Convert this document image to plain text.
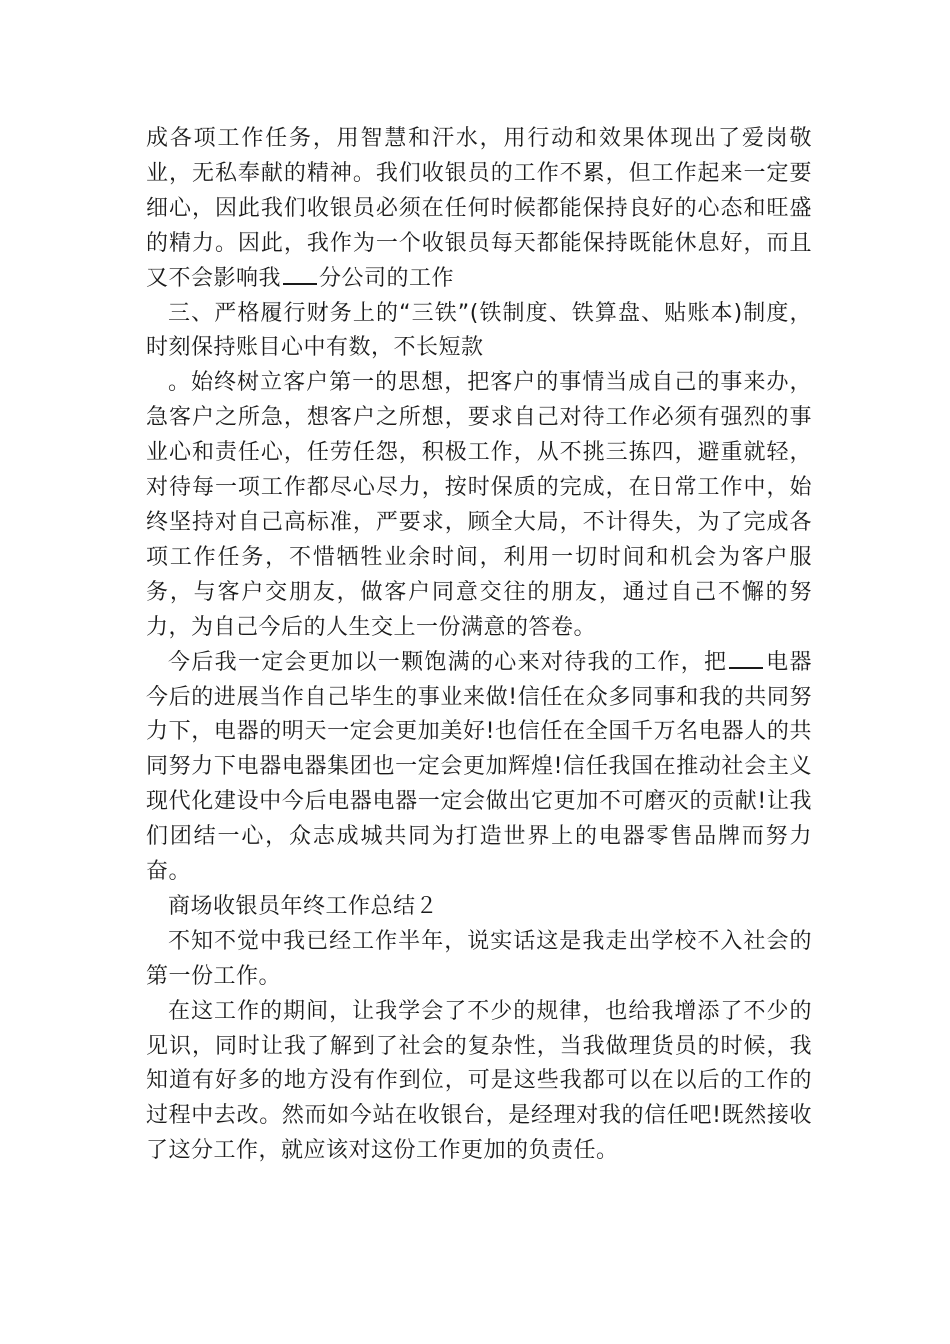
成各项工作任务，用智慧和汗水，用行动和效果体现出了爱岗敬业，无私奉献的精神。我们收银员的工作不累，但工作起来一定要细心，因此我们收银员必须在任何时候都能保持良好的心态和旺盛的精力。因此，我作为一个收银员每天都能保持既能休息好，而且又不会影响我 分公司的工作

三、严格履行财务上的“三铁”(铁制度、铁算盘、贴账本)制度，时刻保持账目心中有数，不长短款

。始终树立客户第一的思想，把客户的事情当成自己的事来办，急客户之所急，想客户之所想，要求自己对待工作必须有强烈的事业心和责任心，任劳任怨，积极工作，从不挑三拣四，避重就轻，对待每一项工作都尽心尽力，按时保质的完成，在日常工作中，始终坚持对自己高标准，严要求，顾全大局，不计得失，为了完成各项工作任务，不惜牺牲业余时间，利用一切时间和机会为客户服务，与客户交朋友，做客户同意交往的朋友，通过自己不懈的努力，为自己今后的人生交上一份满意的答卷。

今后我一定会更加以一颗饱满的心来对待我的工作，把 电器今后的进展当作自己毕生的事业来做!信任在众多同事和我的共同努力下，电器的明天一定会更加美好!也信任在全国千万名电器人的共同努力下电器电器集团也一定会更加辉煌!信任我国在推动社会主义现代化建设中今后电器电器一定会做出它更加不可磨灭的贡献!让我们团结一心，众志成城共同为打造世界上的电器零售品牌而努力奋。

商场收银员年终工作总结２

不知不觉中我已经工作半年，说实话这是我走出学校不入社会的第一份工作。

在这工作的期间，让我学会了不少的规律，也给我增添了不少的见识，同时让我了解到了社会的复杂性，当我做理货员的时候，我知道有好多的地方没有作到位，可是这些我都可以在以后的工作的过程中去改。然而如今站在收银台，是经理对我的信任吧!既然接收了这分工作，就应该对这份工作更加的负责任。
